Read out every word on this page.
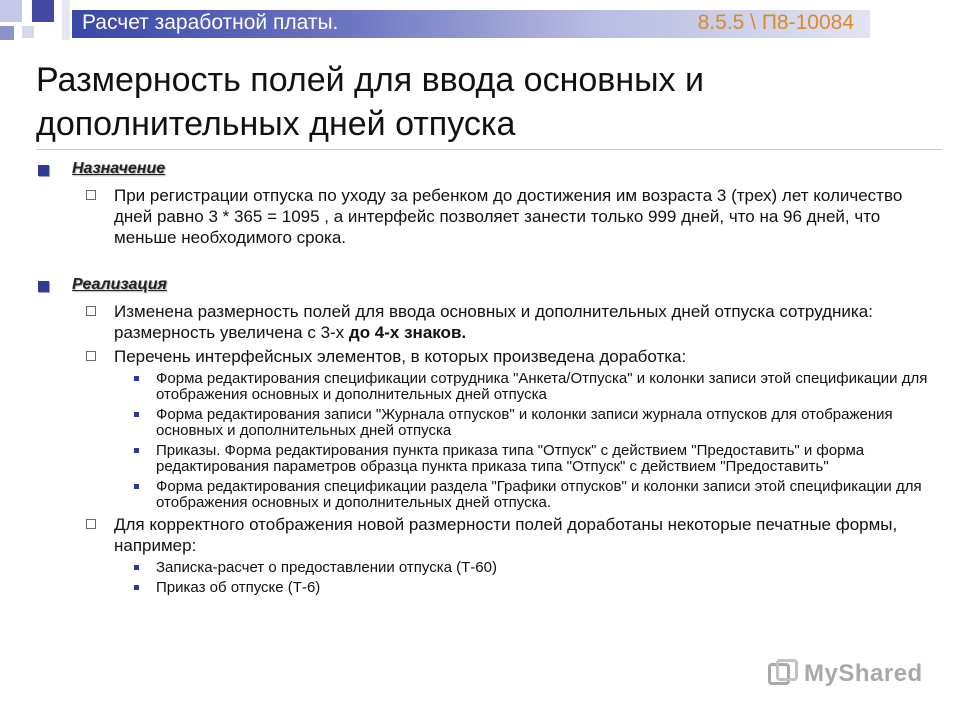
Расчет заработной платы.	8.5.5 \ П8-10084
Размерность полей для ввода основных и дополнительных дней отпуска
Назначение
При регистрации отпуска по уходу за ребенком до достижения им возраста 3 (трех) лет количество дней равно 3 * 365 = 1095 , а интерфейс позволяет занести только 999 дней, что на 96 дней, что меньше необходимого срока.
Реализация
Изменена размерность полей для ввода основных и дополнительных дней отпуска сотрудника: размерность увеличена с 3-х до 4-х знаков.
Перечень интерфейсных элементов, в которых произведена доработка:
Форма редактирования спецификации сотрудника "Анкета/Отпуска" и колонки записи этой спецификации для отображения основных и дополнительных дней отпуска
Форма редактирования записи "Журнала отпусков" и колонки записи журнала отпусков для отображения основных и дополнительных дней отпуска
Приказы. Форма редактирования пункта приказа типа "Отпуск" с действием "Предоставить" и форма редактирования параметров образца пункта приказа типа "Отпуск" с действием "Предоставить"
Форма редактирования спецификации раздела "Графики отпусков" и колонки записи этой спецификации для отображения основных и дополнительных дней отпуска.
Для корректного отображения новой размерности полей доработаны некоторые печатные формы, например:
Записка-расчет о предоставлении отпуска (Т-60)
Приказ об отпуске (Т-6)
MyShared
